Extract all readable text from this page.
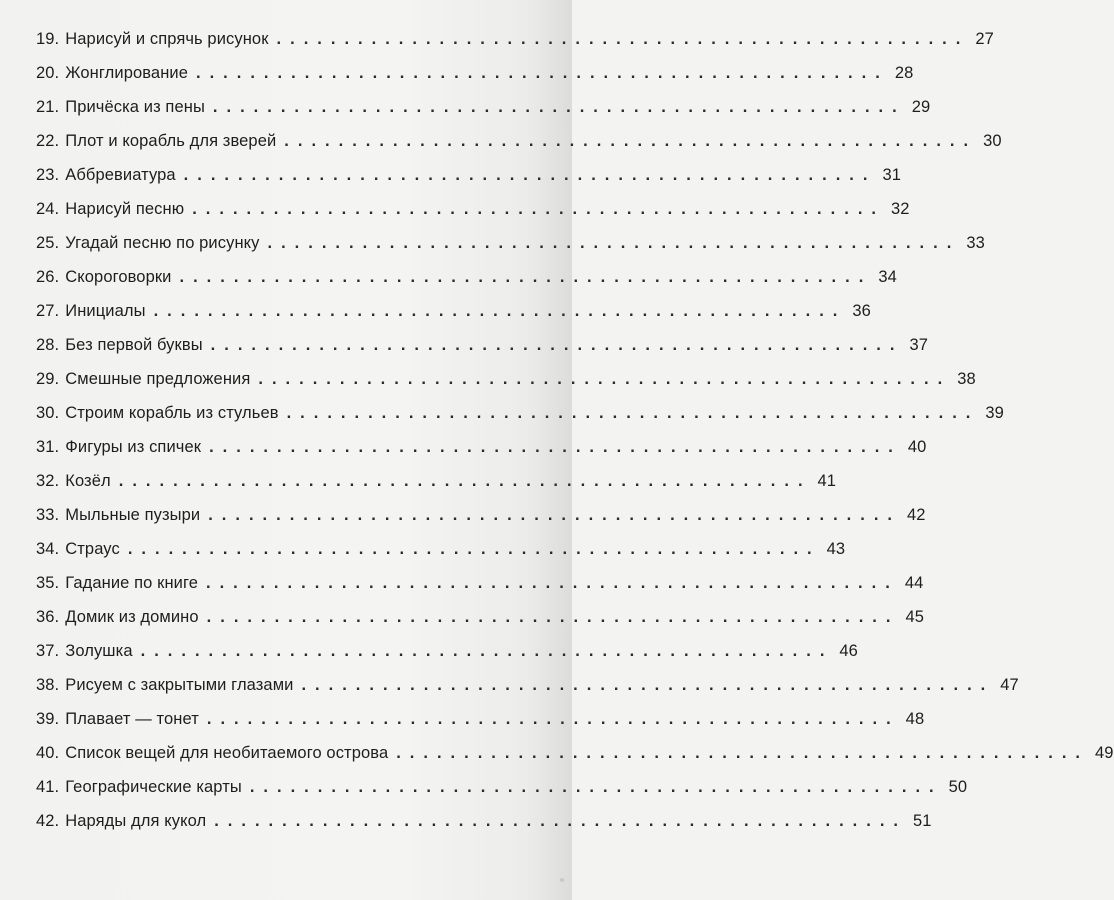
19. Нарисуй и спрячь рисунок ................................................... 27
20. Жонглирование ................................................... 28
21. Причёска из пены ................................................... 29
22. Плот и корабль для зверей ................................................... 30
23. Аббревиатура ................................................... 31
24. Нарисуй песню ................................................... 32
25. Угадай песню по рисунку ................................................... 33
26. Скороговорки ................................................... 34
27. Инициалы ................................................... 36
28. Без первой буквы ................................................... 37
29. Смешные предложения ................................................... 38
30. Строим корабль из стульев ................................................... 39
31. Фигуры из спичек ................................................... 40
32. Козёл ................................................... 41
33. Мыльные пузыри ................................................... 42
34. Страус ................................................... 43
35. Гадание по книге ................................................... 44
36. Домик из домино ................................................... 45
37. Золушка ................................................... 46
38. Рисуем с закрытыми глазами ................................................... 47
39. Плавает — тонет ................................................... 48
40. Список вещей для необитаемого острова ................................................... 49
41. Географические карты ................................................... 50
42. Наряды для кукол ................................................... 51
